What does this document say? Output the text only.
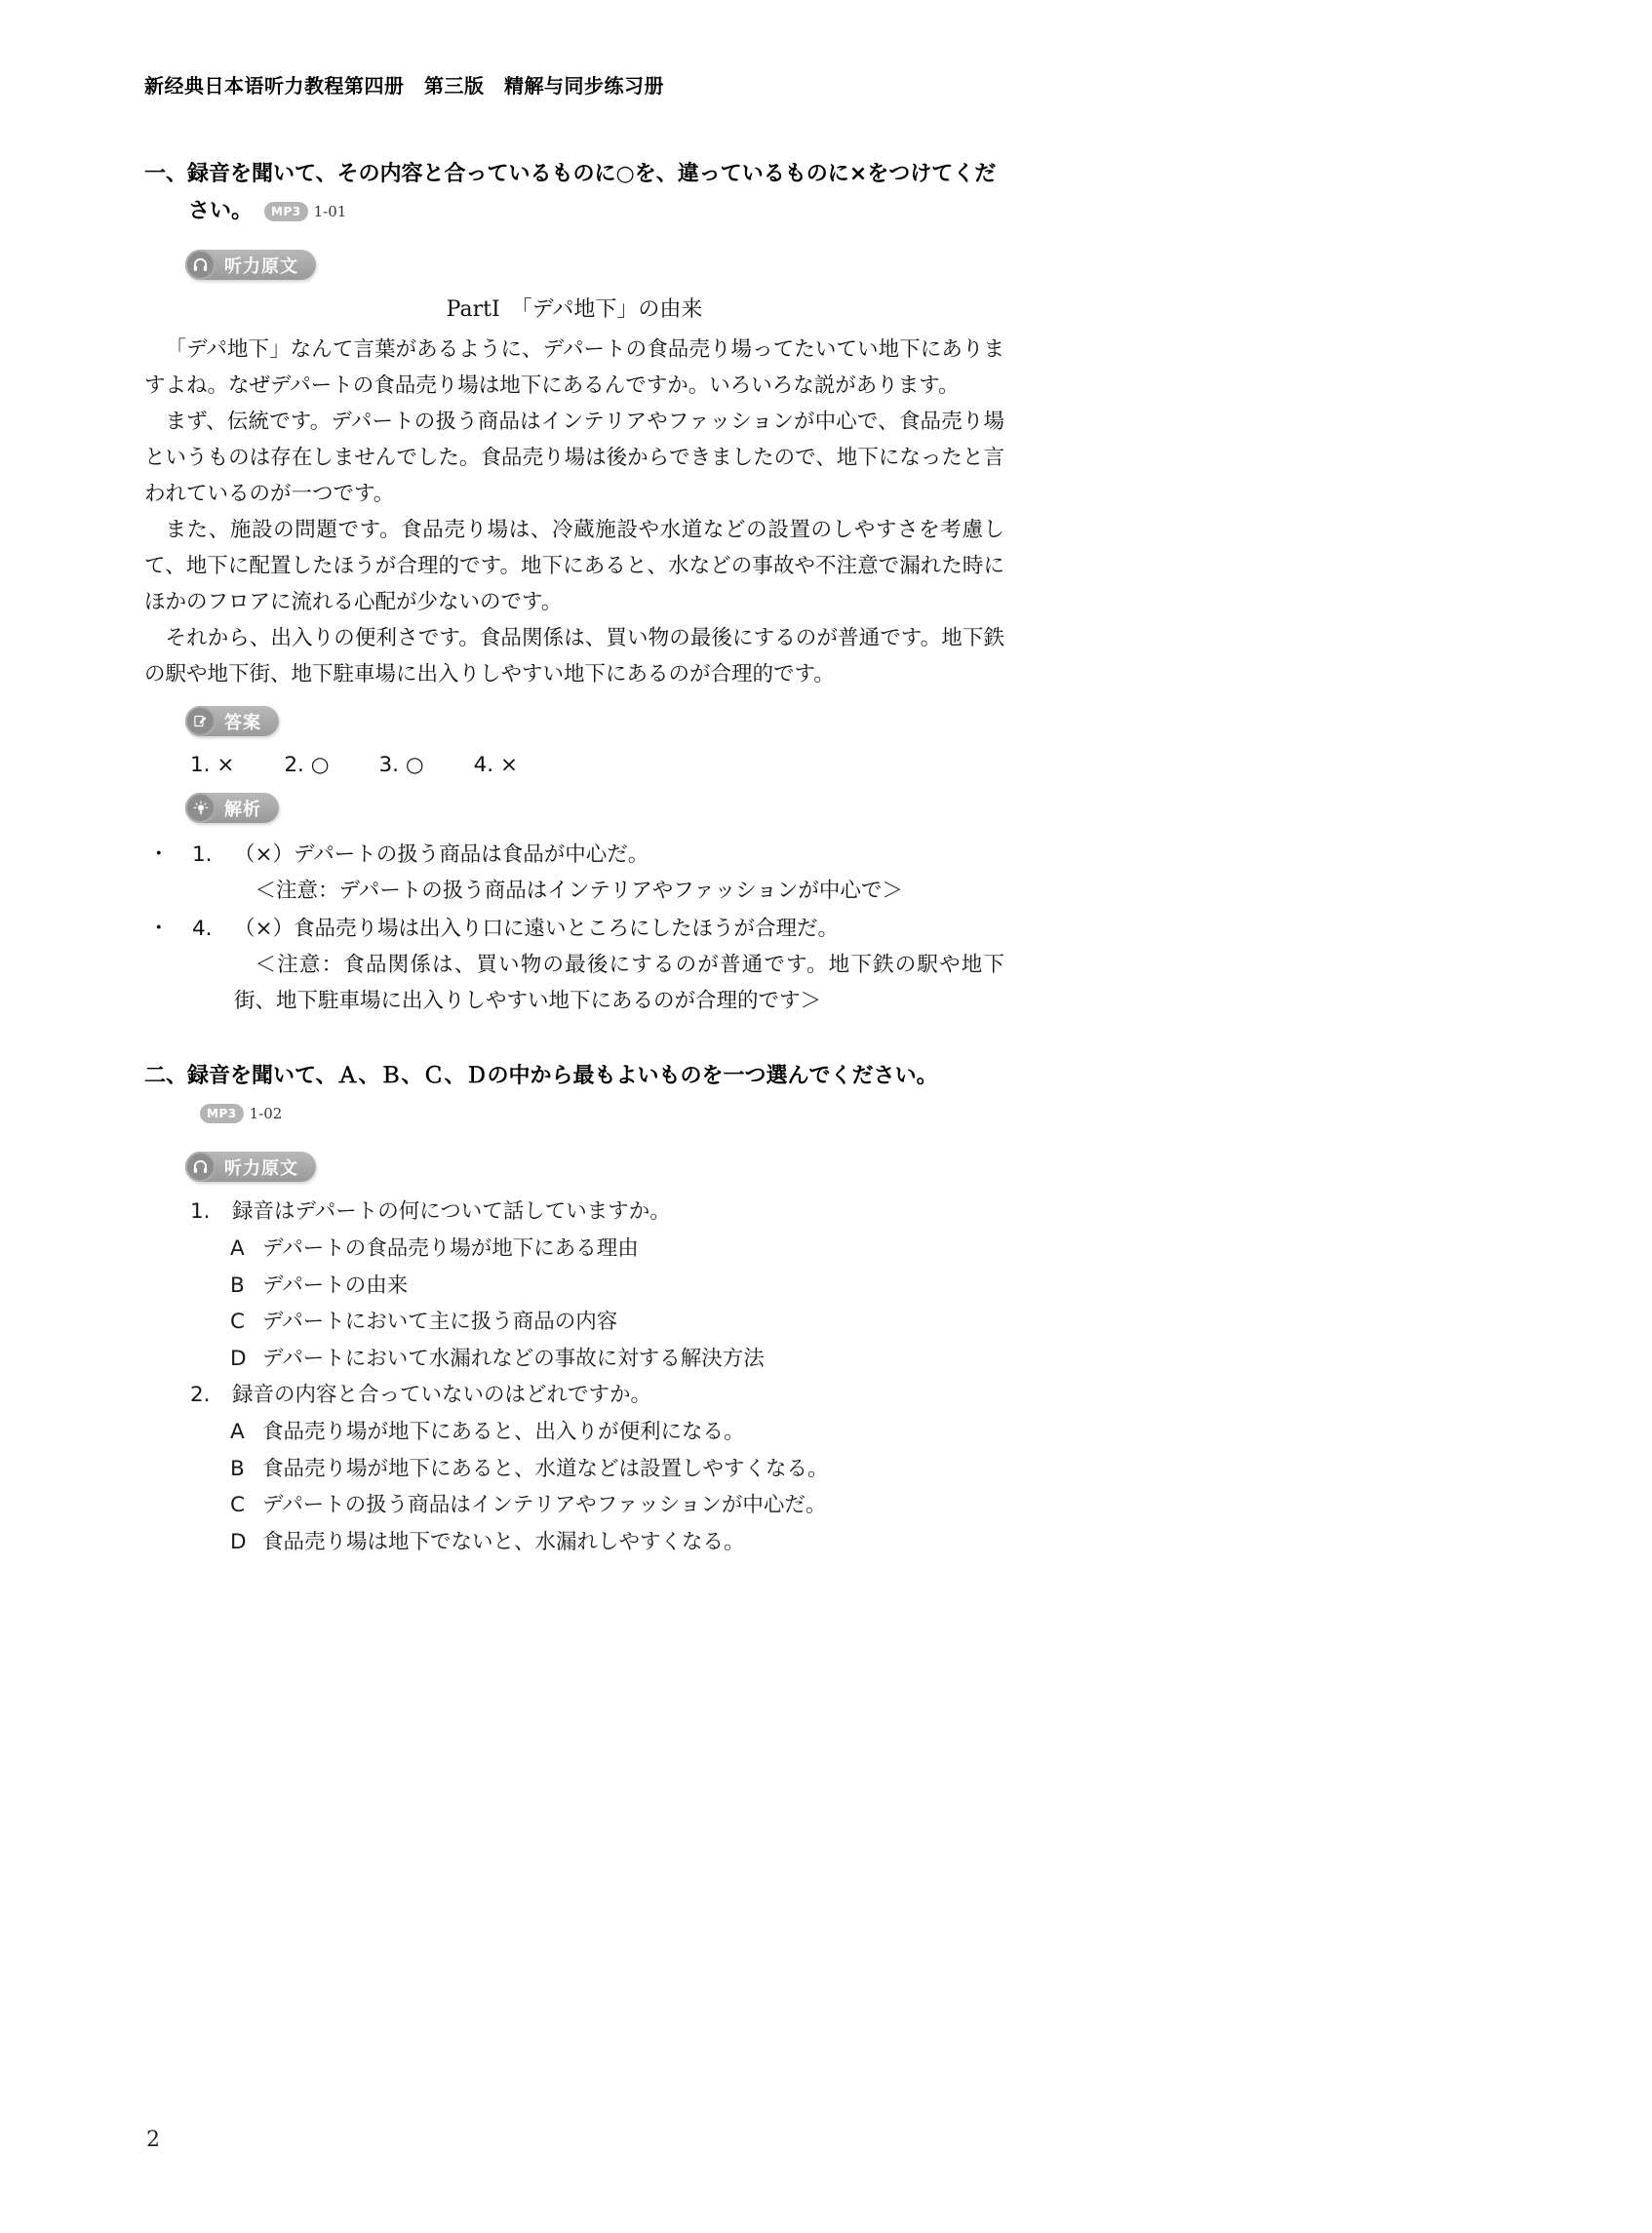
新经典日本语听力教程第四册　第三版　精解与同步练习册
一、録音を聞いて、その内容と合っているものに○を、違っているものに×をつけてください。	MP3 1-01
听力原文
PartⅠ　「デパ地下」の由来

「デパ地下」なんて言葉があるように、デパートの食品売り場ってたいてい地下にありますよね。なぜデパートの食品売り場は地下にあるんですか。いろいろな説があります。

まず、伝統です。デパートの扱う商品はインテリアやファッションが中心で、食品売り場というものは存在しませんでした。食品売り場は後からできましたので、地下になったと言われているのが一つです。

また、施設の問題です。食品売り場は、冷蔵施設や水道などの設置のしやすさを考慮して、地下に配置したほうが合理的です。地下にあると、水などの事故や不注意で漏れた時にほかのフロアに流れる心配が少ないのです。

それから、出入りの便利さです。食品関係は、買い物の最後にするのが普通です。地下鉄の駅や地下街、地下駐車場に出入りしやすい地下にあるのが合理的です。

答案
1. × 2. ○ 3. ○ 4. ×
解析
・	1.	（×）デパートの扱う商品は食品が中心だ。
＜注意：デパートの扱う商品はインテリアやファッションが中心で＞
・	4.	（×）食品売り場は出入り口に遠いところにしたほうが合理だ。
＜注意：食品関係は、買い物の最後にするのが普通です。地下鉄の駅や地下街、地下駐車場に出入りしやすい地下にあるのが合理的です＞
二、録音を聞いて、Ａ、Ｂ、Ｃ、Ｄの中から最もよいものを一つ選んでください。
MP3 1-02
听力原文
1.	録音はデパートの何について話していますか。
A デパートの食品売り場が地下にある理由
B デパートの由来
C デパートにおいて主に扱う商品の内容
D デパートにおいて水漏れなどの事故に対する解決方法
2.	録音の内容と合っていないのはどれですか。
A 食品売り場が地下にあると、出入りが便利になる。
B 食品売り場が地下にあると、水道などは設置しやすくなる。
C デパートの扱う商品はインテリアやファッションが中心だ。
D 食品売り場は地下でないと、水漏れしやすくなる。
2
